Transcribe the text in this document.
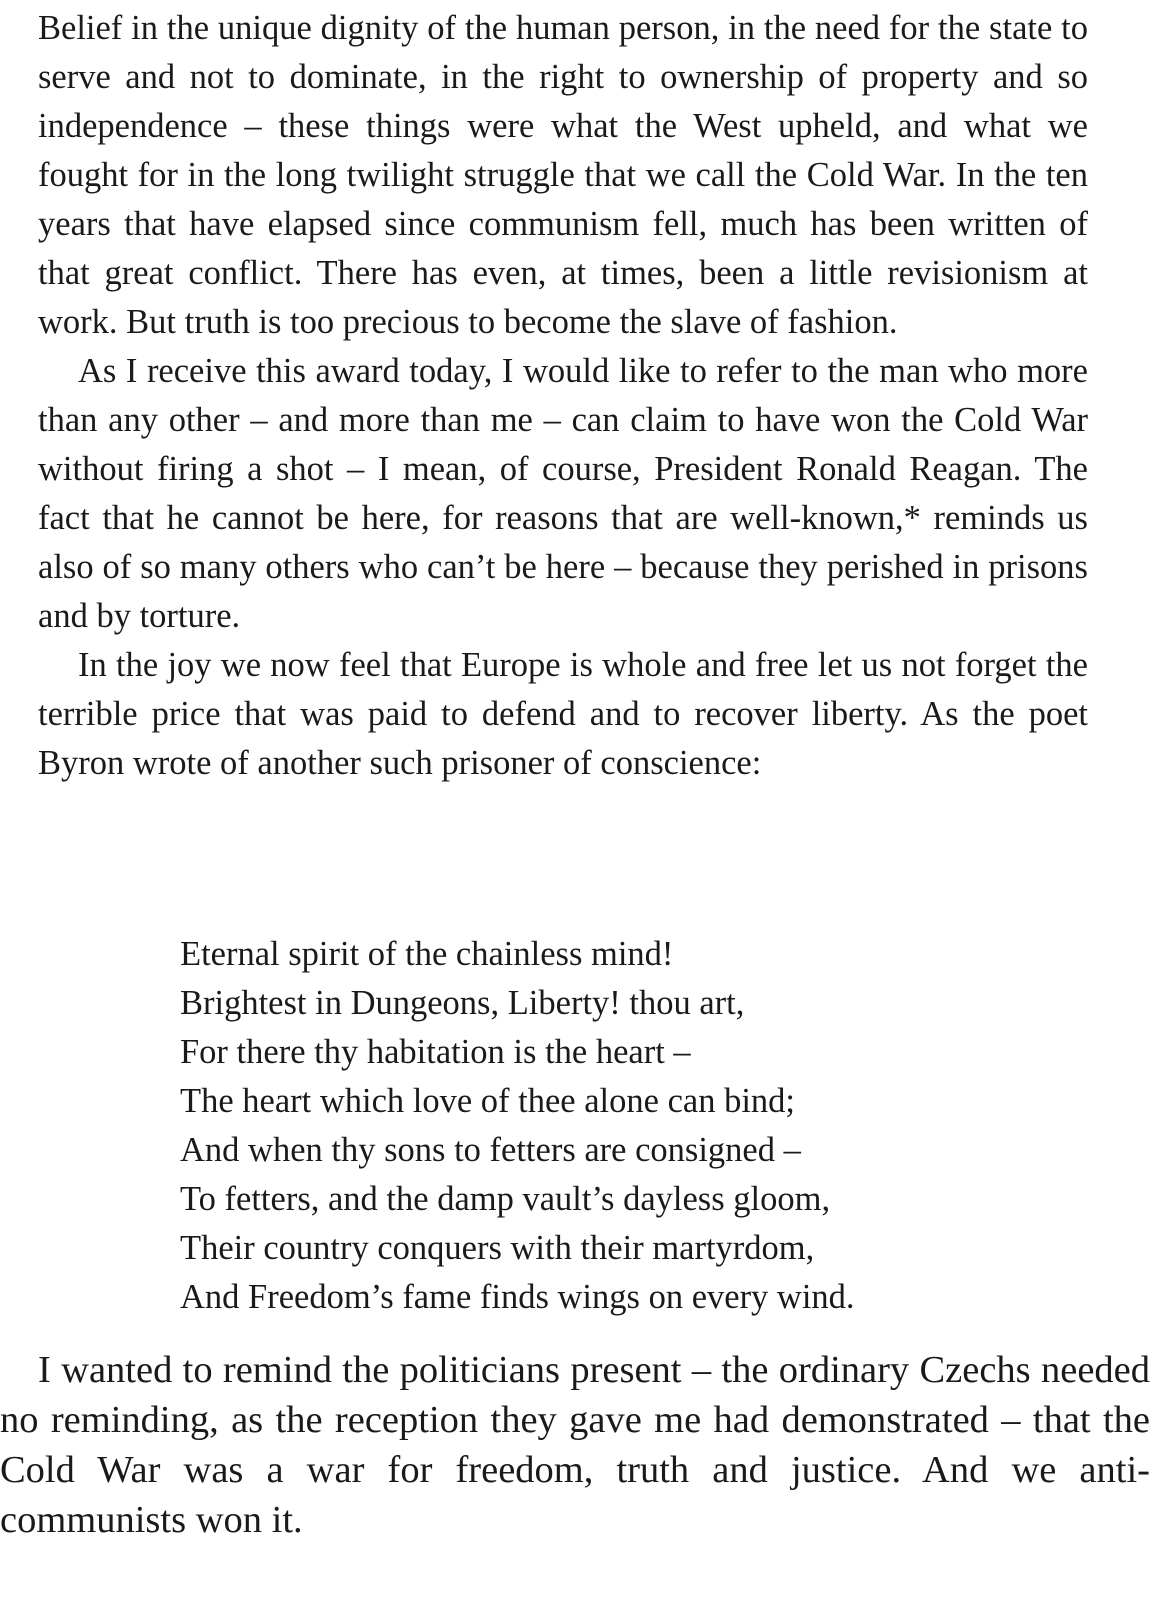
Belief in the unique dignity of the human person, in the need for the state to serve and not to dominate, in the right to ownership of property and so independence – these things were what the West upheld, and what we fought for in the long twilight struggle that we call the Cold War. In the ten years that have elapsed since communism fell, much has been written of that great conflict. There has even, at times, been a little revisionism at work. But truth is too precious to become the slave of fashion.

As I receive this award today, I would like to refer to the man who more than any other – and more than me – can claim to have won the Cold War without firing a shot – I mean, of course, President Ronald Reagan. The fact that he cannot be here, for reasons that are well-known,* reminds us also of so many others who can’t be here – because they perished in prisons and by torture.

In the joy we now feel that Europe is whole and free let us not forget the terrible price that was paid to defend and to recover liberty. As the poet Byron wrote of another such prisoner of conscience:

Eternal spirit of the chainless mind!
Brightest in Dungeons, Liberty! thou art,
For there thy habitation is the heart –
The heart which love of thee alone can bind;
And when thy sons to fetters are consigned –
To fetters, and the damp vault’s dayless gloom,
Their country conquers with their martyrdom,
And Freedom’s fame finds wings on every wind.

I wanted to remind the politicians present – the ordinary Czechs needed no reminding, as the reception they gave me had demonstrated – that the Cold War was a war for freedom, truth and justice. And we anti-communists won it.
